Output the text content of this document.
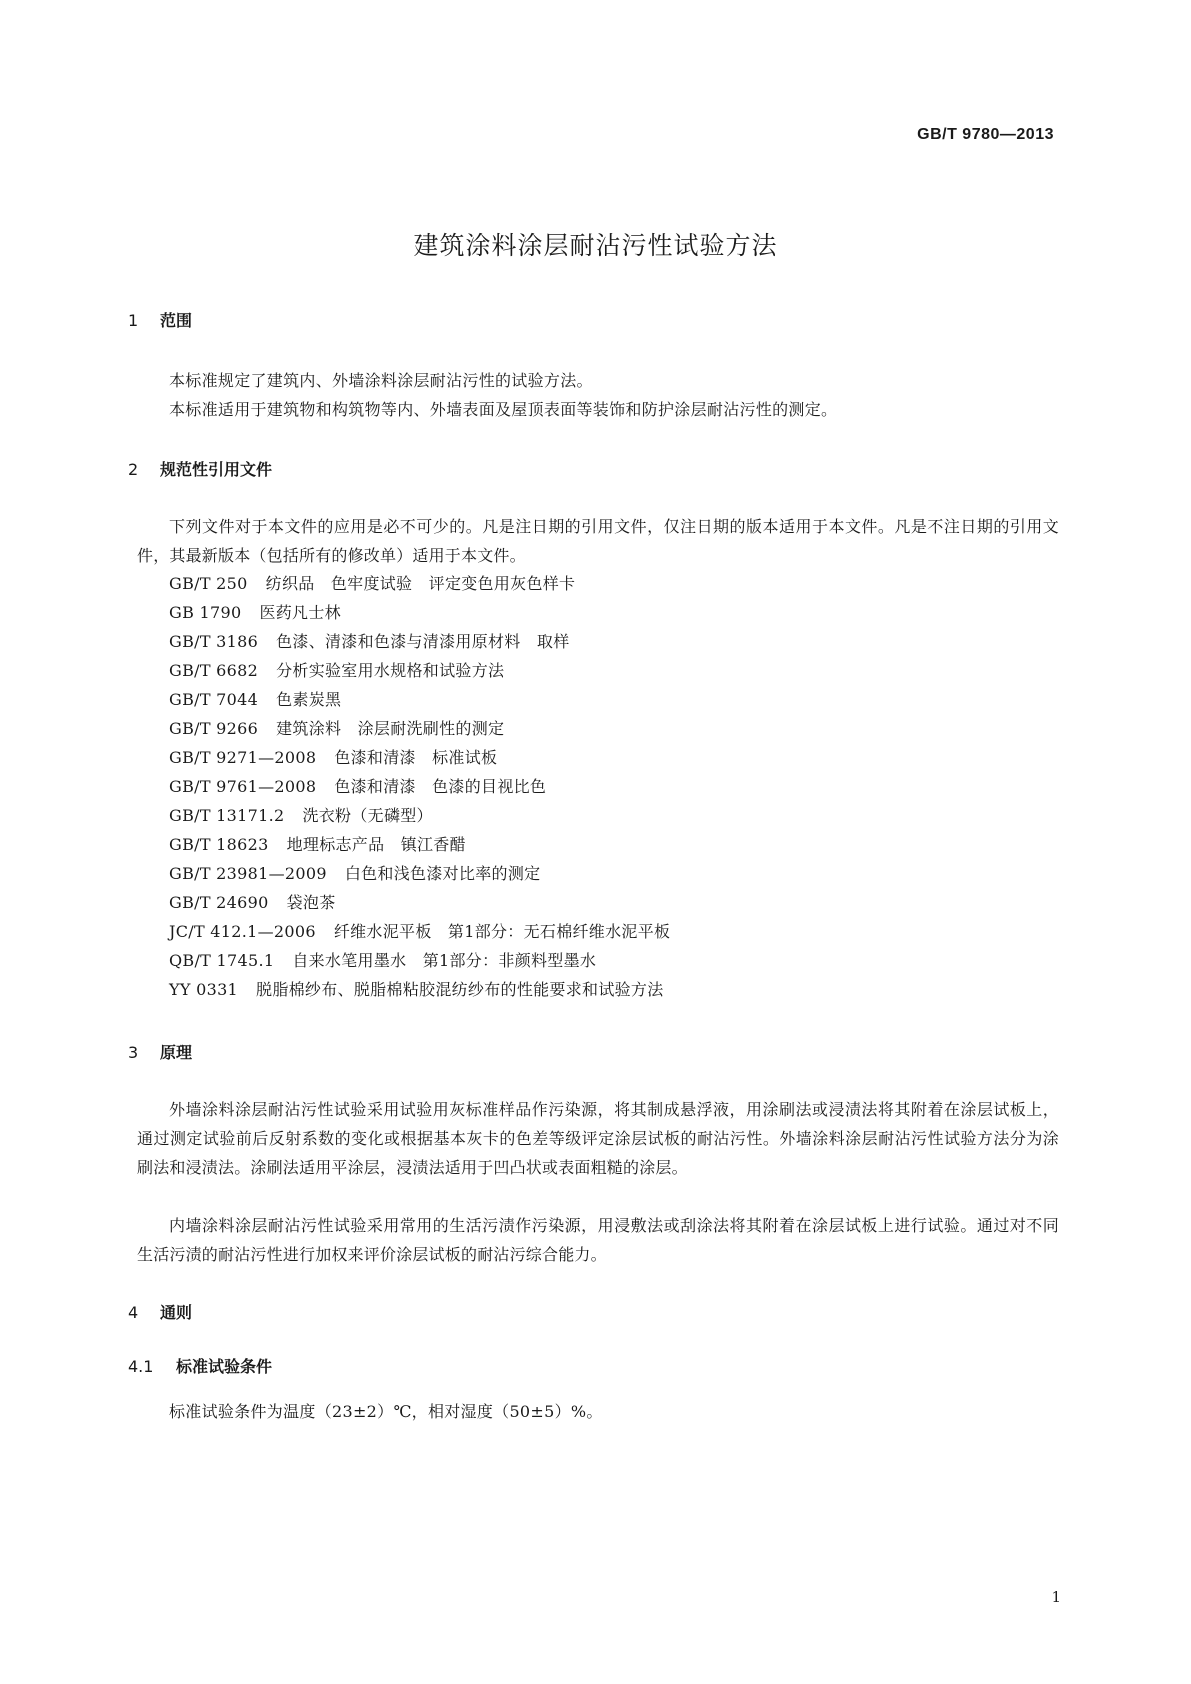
GB/T 9780—2013
建筑涂料涂层耐沾污性试验方法
1 范围
本标准规定了建筑内、外墙涂料涂层耐沾污性的试验方法。
本标准适用于建筑物和构筑物等内、外墙表面及屋顶表面等装饰和防护涂层耐沾污性的测定。
2 规范性引用文件
下列文件对于本文件的应用是必不可少的。凡是注日期的引用文件，仅注日期的版本适用于本文件。凡是不注日期的引用文件，其最新版本（包括所有的修改单）适用于本文件。
GB/T 250 纺织品　色牢度试验　评定变色用灰色样卡
GB 1790 医药凡士林
GB/T 3186 色漆、清漆和色漆与清漆用原材料　取样
GB/T 6682 分析实验室用水规格和试验方法
GB/T 7044 色素炭黑
GB/T 9266 建筑涂料　涂层耐洗刷性的测定
GB/T 9271—2008 色漆和清漆　标准试板
GB/T 9761—2008 色漆和清漆　色漆的目视比色
GB/T 13171.2 洗衣粉（无磷型）
GB/T 18623 地理标志产品　镇江香醋
GB/T 23981—2009 白色和浅色漆对比率的测定
GB/T 24690 袋泡茶
JC/T 412.1—2006 纤维水泥平板　第1部分：无石棉纤维水泥平板
QB/T 1745.1 自来水笔用墨水　第1部分：非颜料型墨水
YY 0331 脱脂棉纱布、脱脂棉粘胶混纺纱布的性能要求和试验方法
3 原理
外墙涂料涂层耐沾污性试验采用试验用灰标准样品作污染源，将其制成悬浮液，用涂刷法或浸渍法将其附着在涂层试板上，通过测定试验前后反射系数的变化或根据基本灰卡的色差等级评定涂层试板的耐沾污性。外墙涂料涂层耐沾污性试验方法分为涂刷法和浸渍法。涂刷法适用平涂层，浸渍法适用于凹凸状或表面粗糙的涂层。
内墙涂料涂层耐沾污性试验采用常用的生活污渍作污染源，用浸敷法或刮涂法将其附着在涂层试板上进行试验。通过对不同生活污渍的耐沾污性进行加权来评价涂层试板的耐沾污综合能力。
4 通则
4.1 标准试验条件
标准试验条件为温度（23±2）℃，相对湿度（50±5）%。
1
